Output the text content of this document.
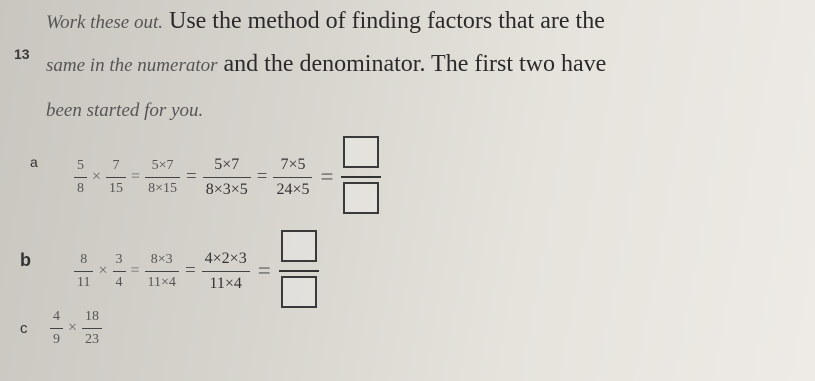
13
Work these out. Use the method of finding factors that are the
same in the numerator and the denominator. The first two have
been started for you.
a	$\frac{5}{8} \times \frac{7}{15} = \frac{5\times 7}{8\times 15} = \frac{5\times 7}{8\times 3\times 5} = \frac{7\times 5}{24\times 5}$ =
b	$\frac{8}{11} \times \frac{3}{4} = \frac{8\times 3}{11\times 4} = \frac{4\times 2\times 3}{11\times 4}$ =
c $\frac{4}{9} \times \frac{18}{23}$
